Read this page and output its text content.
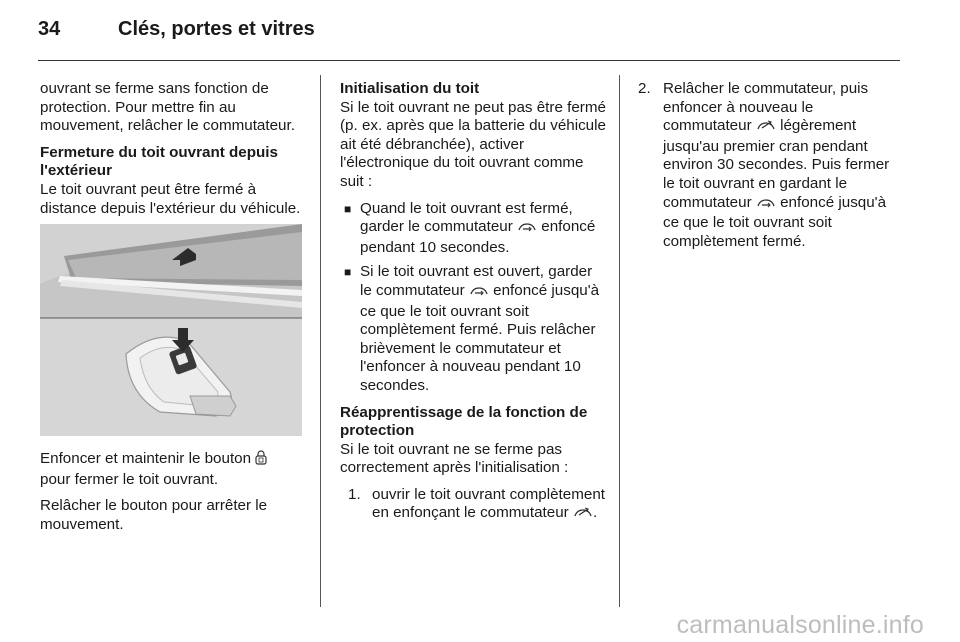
34	Clés, portes et vitres

ouvrant se ferme sans fonction de protection. Pour mettre fin au mouvement, relâcher le commutateur.

Fermeture du toit ouvrant depuis
l'extérieur

Le toit ouvrant peut être fermé à distance depuis l'extérieur du véhicule.

Enfoncer et maintenir le bouton
pour fermer le toit ouvrant.

Relâcher le bouton pour arrêter le mouvement.

Initialisation du toit

Si le toit ouvrant ne peut pas être fermé (p. ex. après que la batterie du véhicule ait été débranchée), activer l'électronique du toit ouvrant comme suit :

■ Quand le toit ouvrant est fermé, garder le commutateur enfoncé pendant 10 secondes.
■ Si le toit ouvrant est ouvert, garder le commutateur enfoncé jusqu'à ce que le toit ouvrant soit complètement fermé. Puis relâcher brièvement le commutateur et l'enfoncer à nouveau pendant 10 secondes.
Réapprentissage de la fonction de
protection

Si le toit ouvrant ne se ferme pas correctement après l'initialisation :

1. ouvrir le toit ouvrant complètement en enfonçant le commutateur .
2. Relâcher le commutateur, puis enfoncer à nouveau le commutateur légèrement jusqu'au premier cran pendant environ 30 secondes. Puis fermer le toit ouvrant en gardant le commutateur enfoncé jusqu'à ce que le toit ouvrant soit complètement fermé.
carmanualsonline.info
